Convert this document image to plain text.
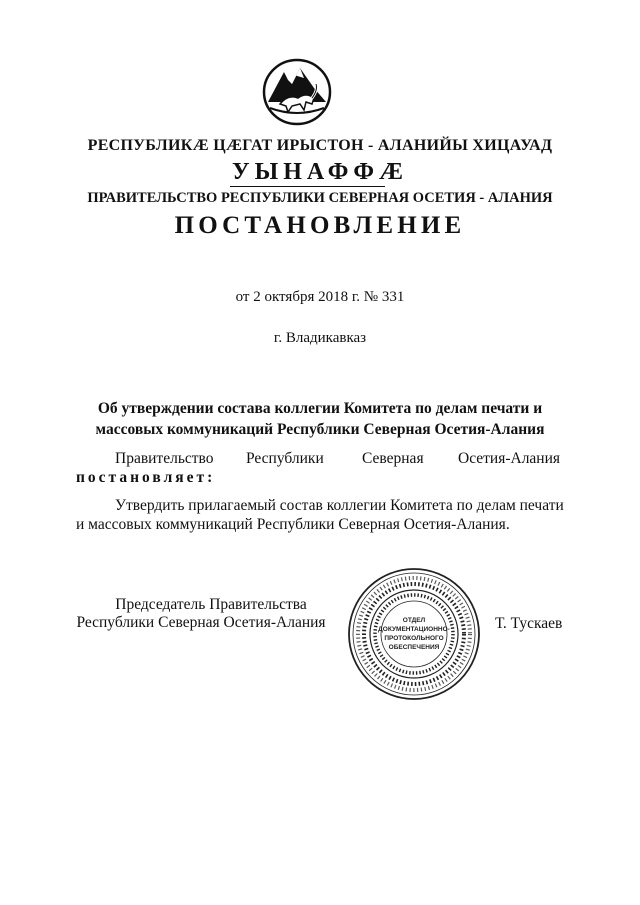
РЕСПУБЛИКÆ ЦÆГАТ ИРЫСТОН - АЛАНИЙЫ ХИЦАУАД
УЫНАФФÆ
ПРАВИТЕЛЬСТВО РЕСПУБЛИКИ СЕВЕРНАЯ ОСЕТИЯ - АЛАНИЯ
ПОСТАНОВЛЕНИЕ
от 2 октября 2018 г. № 331
г. Владикавказ
Об утверждении состава коллегии Комитета по делам печати и
массовых коммуникаций Республики Северная Осетия-Алания
Правительство Республики Северная Осетия-Алания
постановляет:
Утвердить прилагаемый состав коллегии Комитета по делам печати
и массовых коммуникаций Республики Северная Осетия-Алания.
Председатель Правительства
Республики Северная Осетия-Алания	ОТДЕЛ
ДОКУМЕНТАЦИОННО-
ПРОТОКОЛЬНОГО
ОБЕСПЕЧЕНИЯ
Т. Тускаев
